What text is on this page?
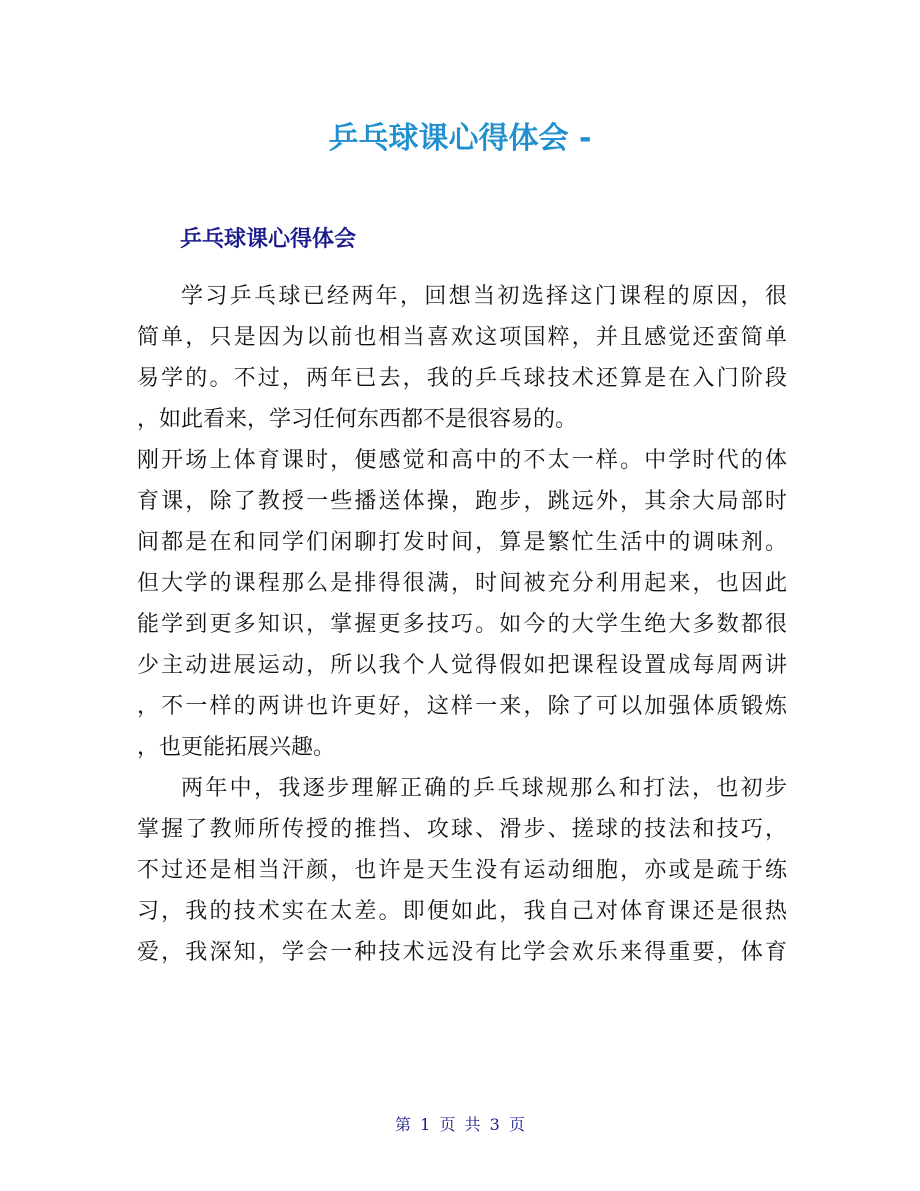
乒乓球课心得体会 -
乒乓球课心得体会
学习乒乓球已经两年，回想当初选择这门课程的原因，很
简单，只是因为以前也相当喜欢这项国粹，并且感觉还蛮简单
易学的。不过，两年已去，我的乒乓球技术还算是在入门阶段
，如此看来，学习任何东西都不是很容易的。
刚开场上体育课时，便感觉和高中的不太一样。中学时代的体
育课，除了教授一些播送体操，跑步，跳远外，其余大局部时
间都是在和同学们闲聊打发时间，算是繁忙生活中的调味剂。
但大学的课程那么是排得很满，时间被充分利用起来，也因此
能学到更多知识，掌握更多技巧。如今的大学生绝大多数都很
少主动进展运动，所以我个人觉得假如把课程设置成每周两讲
，不一样的两讲也许更好，这样一来，除了可以加强体质锻炼
，也更能拓展兴趣。
两年中，我逐步理解正确的乒乓球规那么和打法，也初步
掌握了教师所传授的推挡、攻球、滑步、搓球的技法和技巧，
不过还是相当汗颜，也许是天生没有运动细胞，亦或是疏于练
习，我的技术实在太差。即便如此，我自己对体育课还是很热
爱，我深知，学会一种技术远没有比学会欢乐来得重要，体育
第 1 页 共 3 页
